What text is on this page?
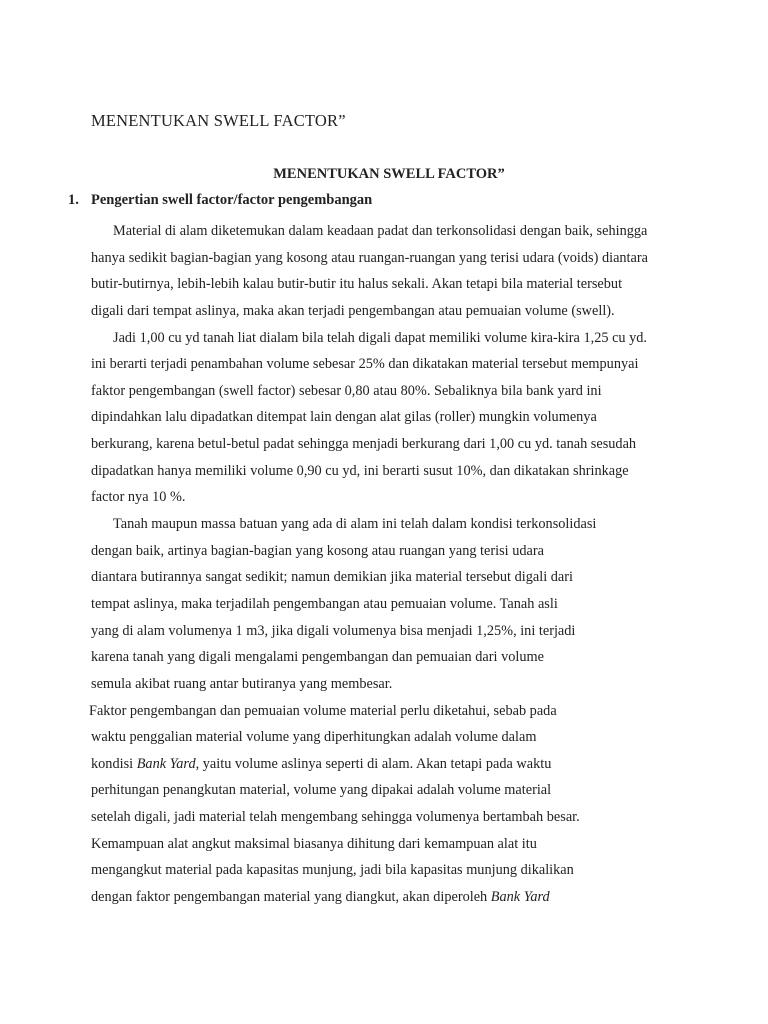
MENENTUKAN SWELL FACTOR”
MENENTUKAN SWELL FACTOR”
1. Pengertian swell factor/factor pengembangan
Material di alam diketemukan dalam keadaan padat dan terkonsolidasi dengan baik, sehingga
hanya sedikit bagian-bagian yang kosong atau ruangan-ruangan yang terisi udara (voids) diantara
butir-butirnya, lebih-lebih kalau butir-butir itu halus sekali. Akan tetapi bila material tersebut
digali dari tempat aslinya, maka akan terjadi pengembangan atau pemuaian volume (swell).
Jadi 1,00 cu yd tanah liat dialam bila telah digali dapat memiliki volume kira-kira 1,25 cu yd.
ini berarti terjadi penambahan volume sebesar 25% dan dikatakan material tersebut mempunyai
faktor pengembangan (swell factor) sebesar 0,80 atau 80%. Sebaliknya bila bank yard ini
dipindahkan lalu dipadatkan ditempat lain dengan alat gilas (roller) mungkin volumenya
berkurang, karena betul-betul padat sehingga menjadi berkurang dari 1,00 cu yd. tanah sesudah
dipadatkan hanya memiliki volume 0,90 cu yd, ini berarti susut 10%, dan dikatakan shrinkage
factor nya 10 %.
Tanah maupun massa batuan yang ada di alam ini telah dalam kondisi terkonsolidasi
dengan baik, artinya bagian-bagian yang kosong atau ruangan yang terisi udara
diantara butirannya sangat sedikit; namun demikian jika material tersebut digali dari
tempat aslinya, maka terjadilah pengembangan atau pemuaian volume. Tanah asli
yang di alam volumenya 1 m3, jika digali volumenya bisa menjadi 1,25%, ini terjadi
karena tanah yang digali mengalami pengembangan dan pemuaian dari volume
semula akibat ruang antar butiranya yang membesar.
Faktor pengembangan dan pemuaian volume material perlu diketahui, sebab pada
waktu penggalian material volume yang diperhitungkan adalah volume dalam
kondisi Bank Yard, yaitu volume aslinya seperti di alam. Akan tetapi pada waktu
perhitungan penangkutan material, volume yang dipakai adalah volume material
setelah digali, jadi material telah mengembang sehingga volumenya bertambah besar.
Kemampuan alat angkut maksimal biasanya dihitung dari kemampuan alat itu
mengangkut material pada kapasitas munjung, jadi bila kapasitas munjung dikalikan
dengan faktor pengembangan material yang diangkut, akan diperoleh Bank Yard
